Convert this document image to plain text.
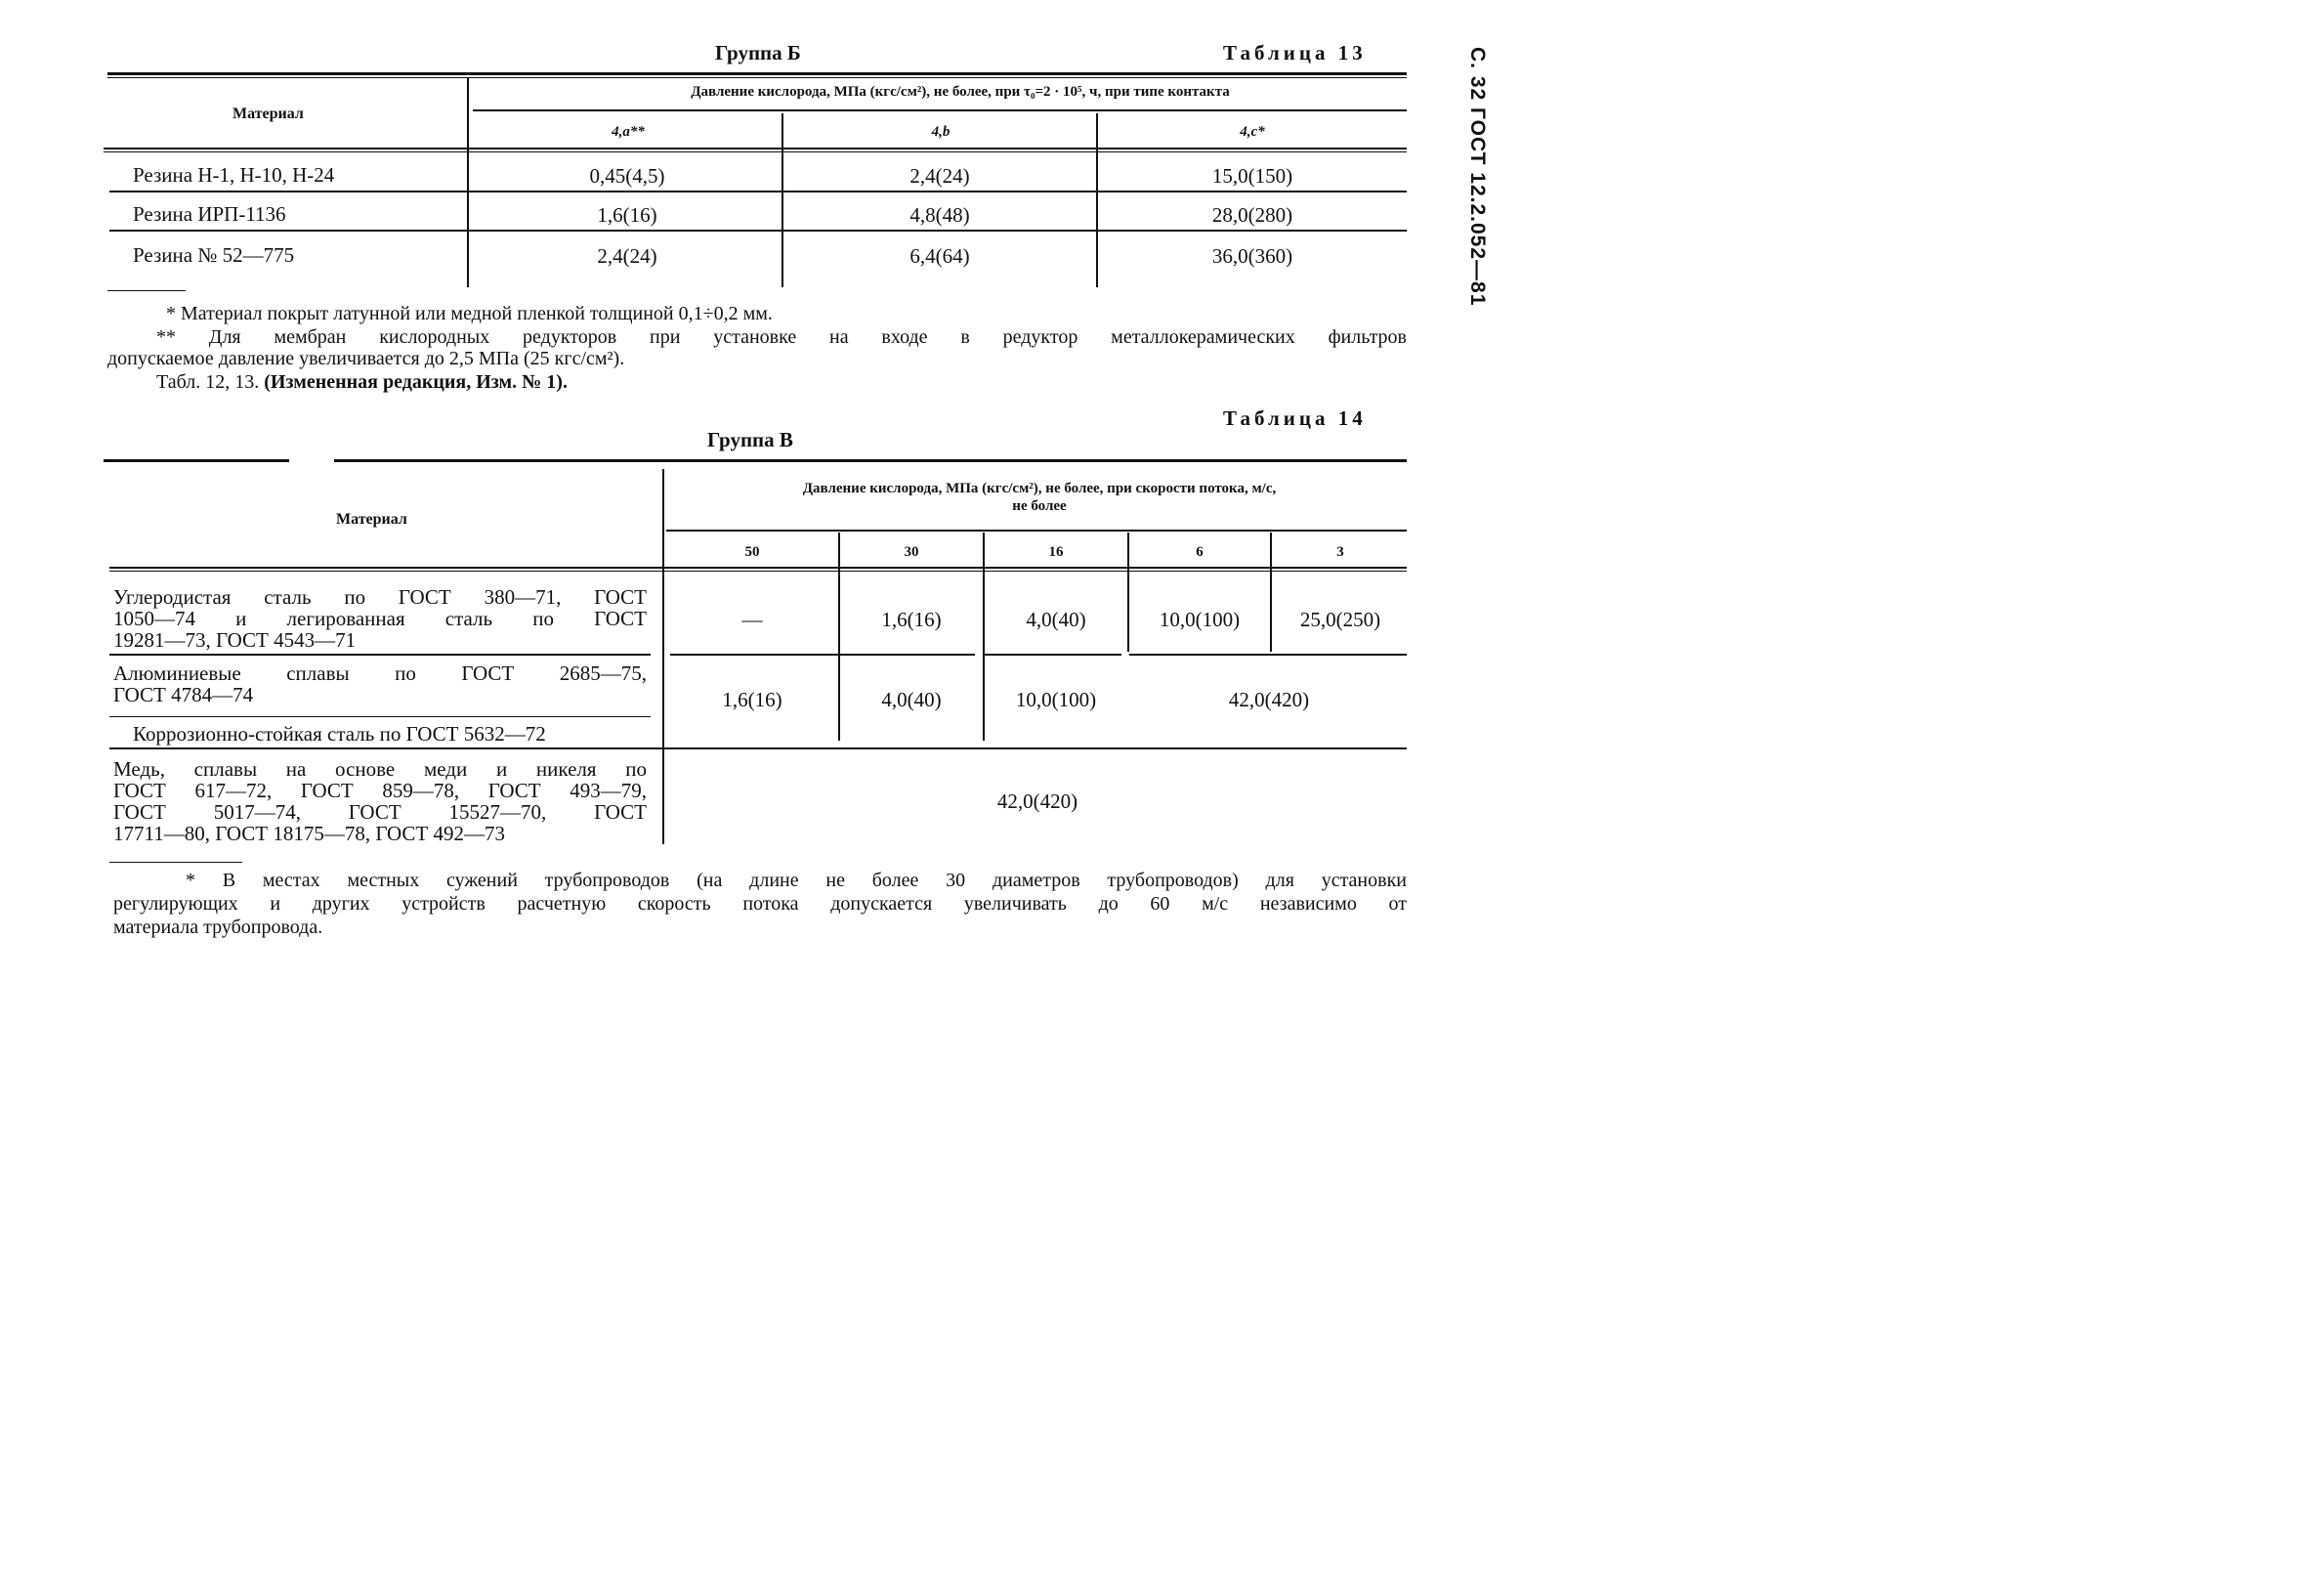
С. 32 ГОСТ 12.2.052—81
Группа Б	Таблица 13
Материал
Давление кислорода, МПа (кгс/см²), не более, при τ₀=2 · 10⁵, ч, при типе контакта
4,a**	4,b	4,c*
Резина Н-1, Н-10, Н-24	0,45(4,5)	2,4(24)	15,0(150)
Резина ИРП-1136	1,6(16)	4,8(48)	28,0(280)
Резина № 52—775	2,4(24)	6,4(64)	36,0(360)
* Материал покрыт латунной или медной пленкой толщиной 0,1÷0,2 мм.
** Для мембран кислородных редукторов при установке на входе в редуктор металлокерамических фильтров
допускаемое давление увеличивается до 2,5 МПа (25 кгс/см²).
Табл. 12, 13. (Измененная редакция, Изм. № 1).
Таблица 14
Группа В
Материал
Давление кислорода, МПа (кгс/см²), не более, при скорости потока, м/с,
не более
50	30	16	6	3
Углеродистая сталь по ГОСТ 380—71, ГОСТ
1050—74 и легированная сталь по ГОСТ
19281—73, ГОСТ 4543—71
—	1,6(16)	4,0(40)	10,0(100)	25,0(250)
Алюминиевые сплавы по ГОСТ 2685—75,
ГОСТ 4784—74
Коррозионно-стойкая сталь по ГОСТ 5632—72
1,6(16)	4,0(40)	10,0(100)	42,0(420)
Медь, сплавы на основе меди и никеля по
ГОСТ 617—72, ГОСТ 859—78, ГОСТ 493—79,
ГОСТ 5017—74, ГОСТ 15527—70, ГОСТ
17711—80, ГОСТ 18175—78, ГОСТ 492—73
42,0(420)
* В местах местных сужений трубопроводов (на длине не более 30 диаметров трубопроводов) для установки
регулирующих и других устройств расчетную скорость потока допускается увеличивать до 60 м/с независимо от
материала трубопровода.
